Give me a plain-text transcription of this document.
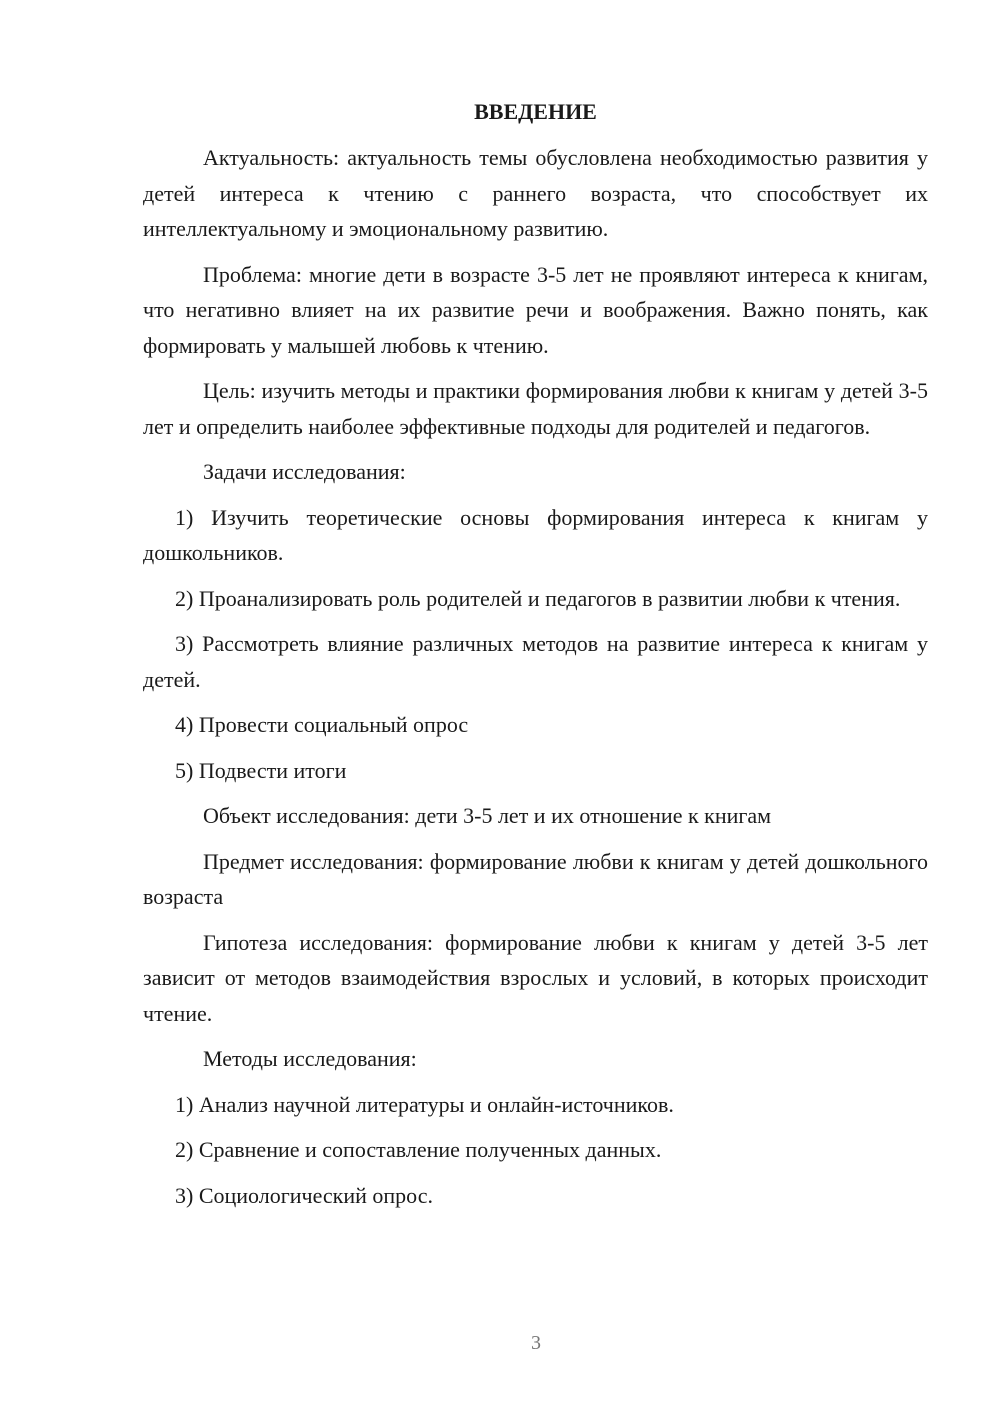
ВВЕДЕНИЕ

Актуальность: актуальность темы обусловлена необходимостью развития у детей интереса к чтению с раннего возраста, что способствует их интеллектуальному и эмоциональному развитию.

Проблема: многие дети в возрасте 3-5 лет не проявляют интереса к книгам, что негативно влияет на их развитие речи и воображения. Важно понять, как формировать у малышей любовь к чтению.

Цель: изучить методы и практики формирования любви к книгам у детей 3-5 лет и определить наиболее эффективные подходы для родителей и педагогов.

Задачи исследования:

1) Изучить теоретические основы формирования интереса к книгам у дошкольников.

2) Проанализировать роль родителей и педагогов в развитии любви к чтения.

3) Рассмотреть влияние различных методов на развитие интереса к книгам у детей.

4) Провести социальный опрос

5) Подвести итоги

Объект исследования: дети 3-5 лет и их отношение к книгам

Предмет исследования: формирование любви к книгам у детей дошкольного возраста

Гипотеза исследования: формирование любви к книгам у детей 3-5 лет зависит от методов взаимодействия взрослых и условий, в которых происходит чтение.

Методы исследования:

1) Анализ научной литературы и онлайн-источников.

2) Сравнение и сопоставление полученных данных.

3) Социологический опрос.

3
